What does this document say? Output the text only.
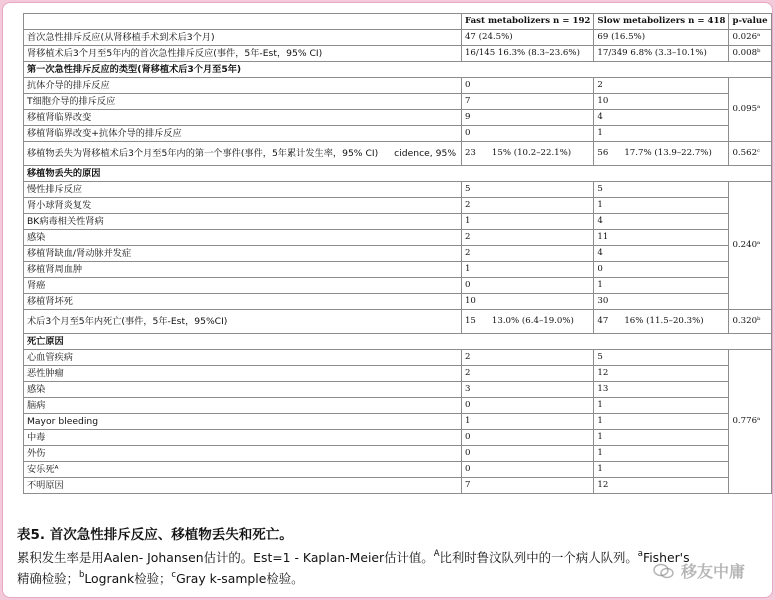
	Fast metabolizers n = 192	Slow metabolizers n = 418	p-value
首次急性排斥反应(从肾移植手术到术后3个月)	47 (24.5%)	69 (16.5%)	0.026ᵃ
肾移植术后3个月至5年内的首次急性排斥反应(事件，5年-Est，95% CI)	16/145 16.3% (8.3–23.6%)	17/349 6.8% (3.3–10.1%)	0.008ᵇ
第一次急性排斥反应的类型(肾移植术后3个月至5年)			
抗体介导的排斥反应	0	2	0.095ᵃ
T细胞介导的排斥反应	7	10	
移植肾临界改变	9	4	
移植肾临界改变+抗体介导的排斥反应	0	1	
移植物丢失为肾移植术后3个月至5年内的第一个事件(事件，5年累计发生率，95% CI) cidence, 95%	23 15% (10.2–22.1%)	56 17.7% (13.9–22.7%)	0.562ᶜ
移植物丢失的原因			
慢性排斥反应	5	5	0.240ᵃ
肾小球肾炎复发	2	1	
BK病毒相关性肾病	1	4	
感染	2	11	
移植肾缺血/肾动脉并发症	2	4	
移植肾周血肿	1	0	
肾癌	0	1	
移植肾坏死	10	30	
术后3个月至5年内死亡(事件，5年-Est，95%CI)	15 13.0% (6.4–19.0%)	47 16% (11.5–20.3%)	0.320ᵇ
死亡原因			
心血管疾病	2	5	0.776ᵃ
恶性肿瘤	2	12	
感染	3	13	
脑病	0	1	
Mayor bleeding	1	1	
中毒	0	1	
外伤	0	1	
安乐死ᴬ	0	1	
不明原因	7	12	
表5. 首次急性排斥反应、移植物丢失和死亡。
累积发生率是用Aalen- Johansen估计的。Est=1 - Kaplan-Meier估计值。$^A$比利时鲁汶队列中的一个病人队列。$^a$Fisher's
精确检验；$^b$Logrank检验；$^c$Gray k-sample检验。	移友中庸
